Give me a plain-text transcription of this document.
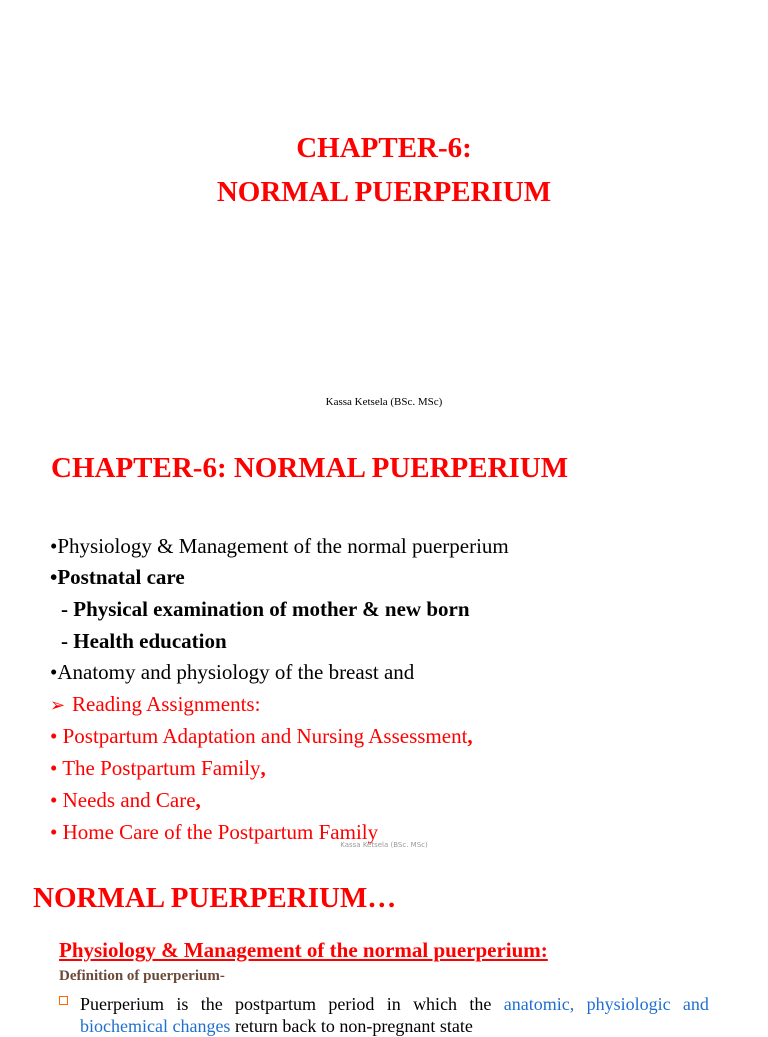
CHAPTER-6:
NORMAL PUERPERIUM
Kassa Ketsela (BSc. MSc)
CHAPTER-6: NORMAL PUERPERIUM
•Physiology & Management of the normal puerperium
•Postnatal care
- Physical examination of mother & new born
- Health education
•Anatomy and physiology of the breast and
➢ Reading Assignments:
• Postpartum Adaptation and Nursing Assessment,
• The Postpartum Family,
• Needs and Care,
• Home Care of the Postpartum Family
Kassa Ketsela (BSc. MSc)
NORMAL PUERPERIUM…
Physiology & Management of the normal puerperium:
Definition of puerperium-
Puerperium is the postpartum period in which the anatomic, physiologic and
biochemical changes return back to non-pregnant state
